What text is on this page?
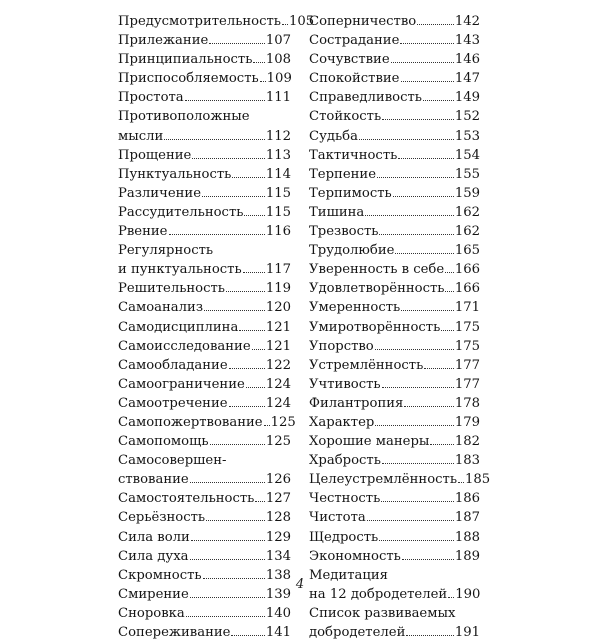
Предусмотрительность 105
Прилежание	107
Принципиальность 108
Приспособляемость 109
Простота	111
Противоположные
мысли	112
Прощение	113
Пунктуальность	114
Различение	115
Рассудительность 115
Рвение	116
Регулярность
и пунктуальность 117
Решительность	119
Самоанализ	120
Самодисциплина 121
Самоисследование 121
Самообладание	122
Самоограничение 124
Самоотречение	124
Самопожертвование 125
Самопомощь	125
Самосовершен-
ствование	126
Самостоятельность 127
Серьёзность	128
Сила воли	129
Сила духа	134
Скромность	138
Смирение	139
Сноровка	140
Сопереживание	141
Соперничество	142
Сострадание	143
Сочувствие	146
Спокойствие	147
Справедливость 149
Стойкость	152
Судьба	153
Тактичность	154
Терпение	155
Терпимость	159
Тишина	162
Трезвость	162
Трудолюбие	165
Уверенность в себе 166
Удовлетворённость 166
Умеренность	171
Умиротворённость 175
Упорство	175
Устремлённость 177
Учтивость	177
Филантропия	178
Характер	179
Хорошие манеры 182
Храбрость	183
Целеустремлённость 185
Честность	186
Чистота	187
Щедрость	188
Экономность	189
Медитация
на 12 добродетелей 190
Список развиваемых
добродетелей	191
4
